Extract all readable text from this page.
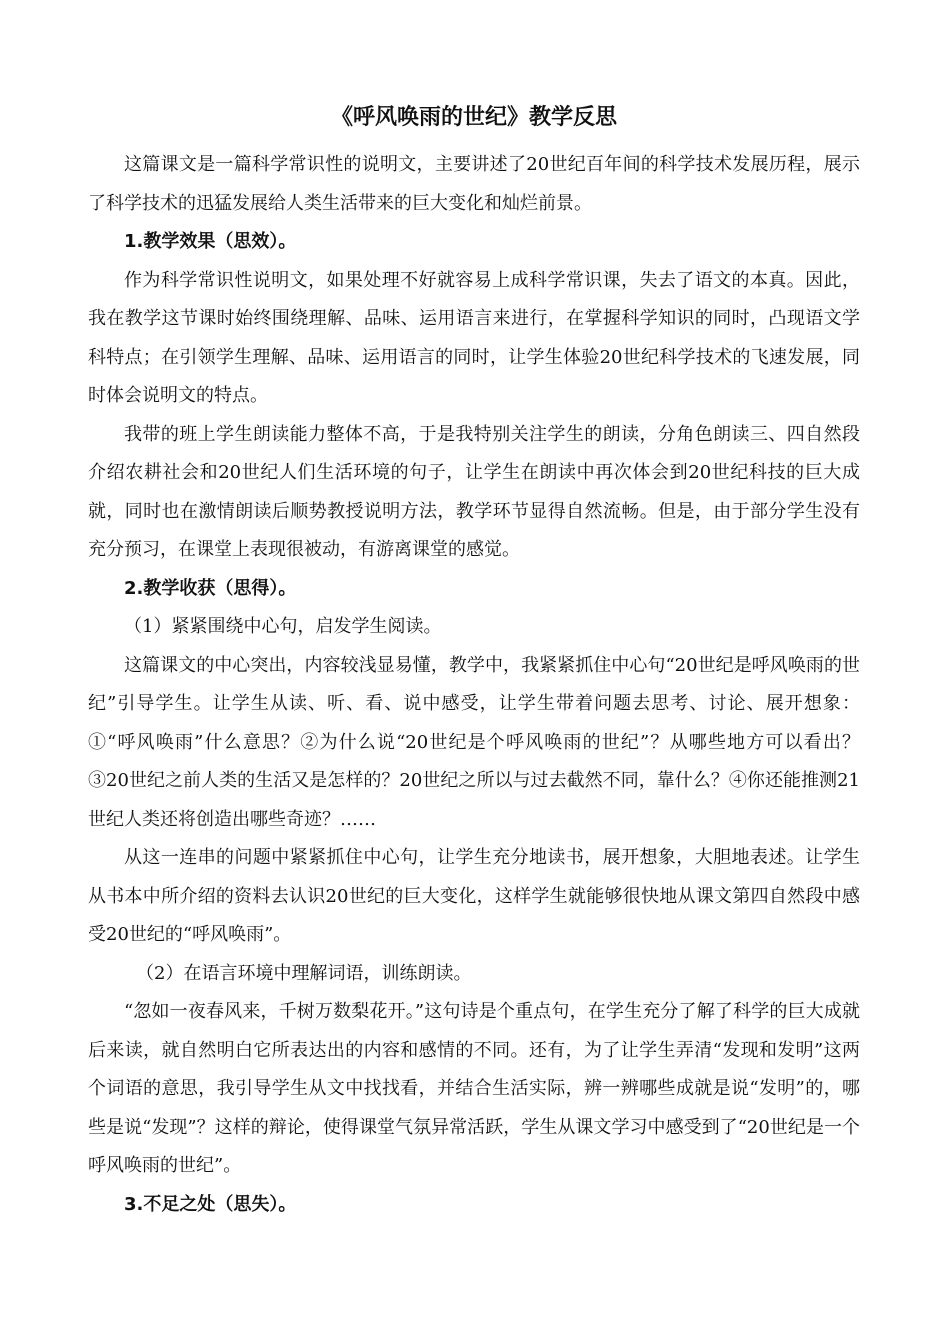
《呼风唤雨的世纪》教学反思

这篇课文是一篇科学常识性的说明文，主要讲述了20世纪百年间的科学技术发展历程，展示了科学技术的迅猛发展给人类生活带来的巨大变化和灿烂前景。

1.教学效果（思效）。

作为科学常识性说明文，如果处理不好就容易上成科学常识课，失去了语文的本真。因此，我在教学这节课时始终围绕理解、品味、运用语言来进行，在掌握科学知识的同时，凸现语文学科特点；在引领学生理解、品味、运用语言的同时，让学生体验20世纪科学技术的飞速发展，同时体会说明文的特点。

我带的班上学生朗读能力整体不高，于是我特别关注学生的朗读，分角色朗读三、四自然段介绍农耕社会和20世纪人们生活环境的句子，让学生在朗读中再次体会到20世纪科技的巨大成就，同时也在激情朗读后顺势教授说明方法，教学环节显得自然流畅。但是，由于部分学生没有充分预习，在课堂上表现很被动，有游离课堂的感觉。

2.教学收获（思得）。

（1）紧紧围绕中心句，启发学生阅读。

这篇课文的中心突出，内容较浅显易懂，教学中，我紧紧抓住中心句“20世纪是呼风唤雨的世纪”引导学生。让学生从读、听、看、说中感受，让学生带着问题去思考、讨论、展开想象：①“呼风唤雨”什么意思？②为什么说“20世纪是个呼风唤雨的世纪”？从哪些地方可以看出？ ③20世纪之前人类的生活又是怎样的？20世纪之所以与过去截然不同，靠什么？④你还能推测21世纪人类还将创造出哪些奇迹？……

从这一连串的问题中紧紧抓住中心句，让学生充分地读书，展开想象，大胆地表述。让学生从书本中所介绍的资料去认识20世纪的巨大变化，这样学生就能够很快地从课文第四自然段中感受20世纪的“呼风唤雨”。

（2）在语言环境中理解词语，训练朗读。

“忽如一夜春风来，千树万数梨花开。”这句诗是个重点句，在学生充分了解了科学的巨大成就后来读，就自然明白它所表达出的内容和感情的不同。还有，为了让学生弄清“发现和发明”这两个词语的意思，我引导学生从文中找找看，并结合生活实际，辨一辨哪些成就是说“发明”的，哪些是说“发现”？这样的辩论，使得课堂气氛异常活跃，学生从课文学习中感受到了“20世纪是一个呼风唤雨的世纪”。

3.不足之处（思失）。
